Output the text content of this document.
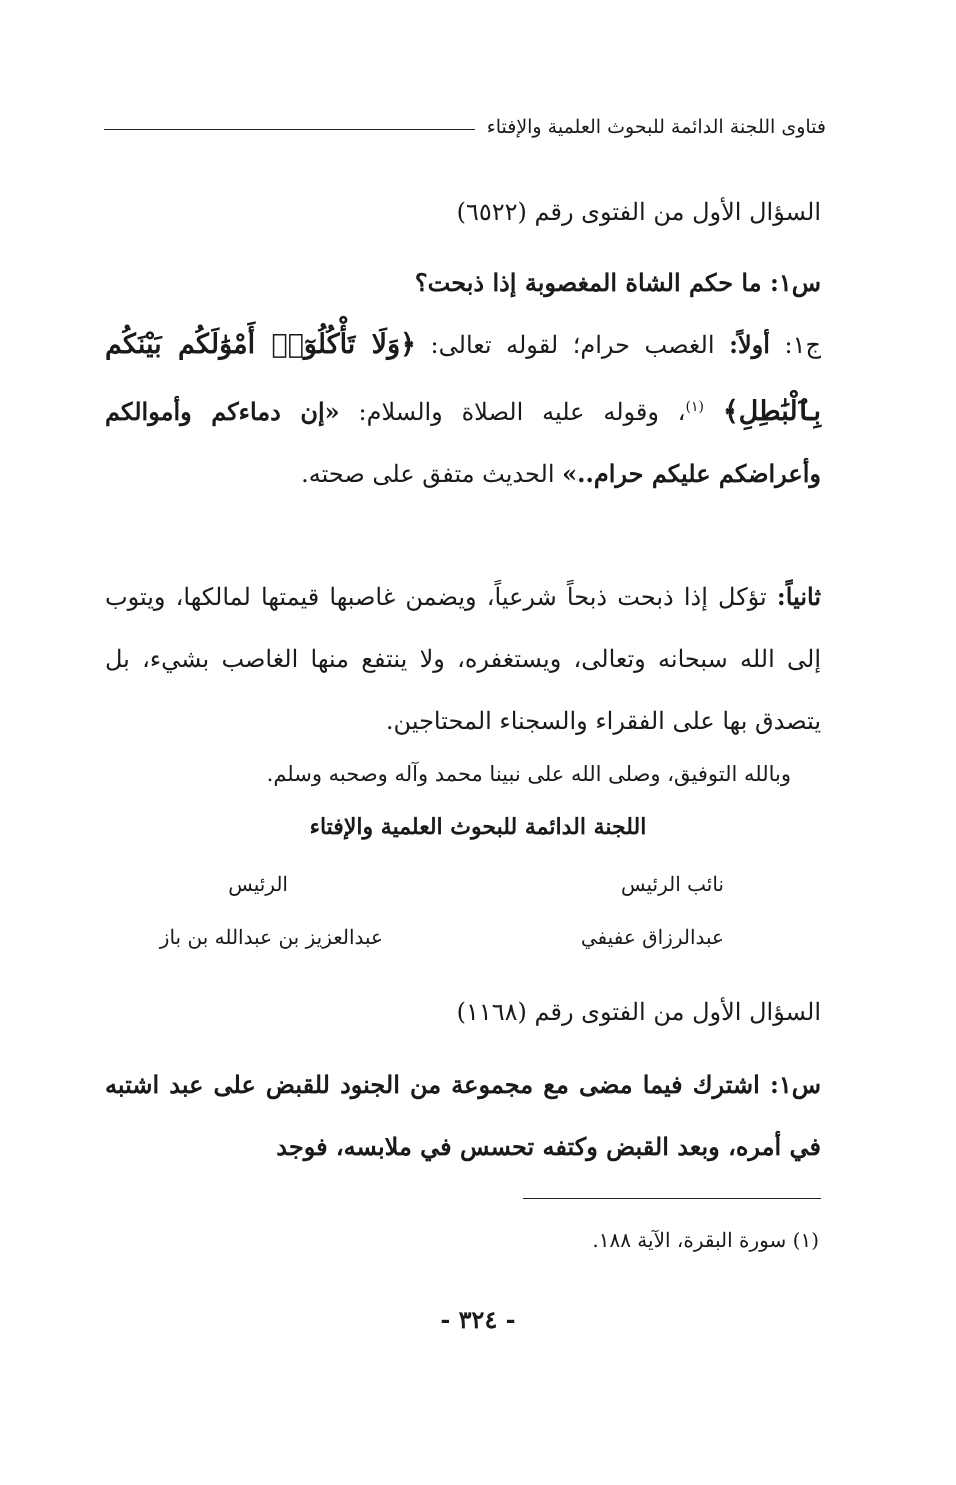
فتاوى اللجنة الدائمة للبحوث العلمية والإفتاء
السؤال الأول من الفتوى رقم (٦٥٢٢)
س١: ما حكم الشاة المغصوبة إذا ذبحت؟
ج١: أولاً: الغصب حرام؛ لقوله تعالى: ﴿وَلَا تَأْكُلُوٓا۟ أَمْوَٰلَكُم بَيْنَكُم بِٱلْبَٰطِلِ﴾ $^{(١)}$، وقوله عليه الصلاة والسلام: «إن دماءكم وأموالكم وأعراضكم عليكم حرام..» الحديث متفق على صحته.
ثانياً: تؤكل إذا ذبحت ذبحاً شرعياً، ويضمن غاصبها قيمتها لمالكها، ويتوب إلى الله سبحانه وتعالى، ويستغفره، ولا ينتفع منها الغاصب بشيء، بل يتصدق بها على الفقراء والسجناء المحتاجين.
وبالله التوفيق، وصلى الله على نبينا محمد وآله وصحبه وسلم.
اللجنة الدائمة للبحوث العلمية والإفتاء
نائب الرئيس
عبدالرزاق عفيفي
الرئيس
عبدالعزيز بن عبدالله بن باز
السؤال الأول من الفتوى رقم (١١٦٨)
س١: اشترك فيما مضى مع مجموعة من الجنود للقبض على عبد اشتبه في أمره، وبعد القبض وكتفه تحسس في ملابسه، فوجد
(١) سورة البقرة، الآية ١٨٨.
- ٣٢٤ -
